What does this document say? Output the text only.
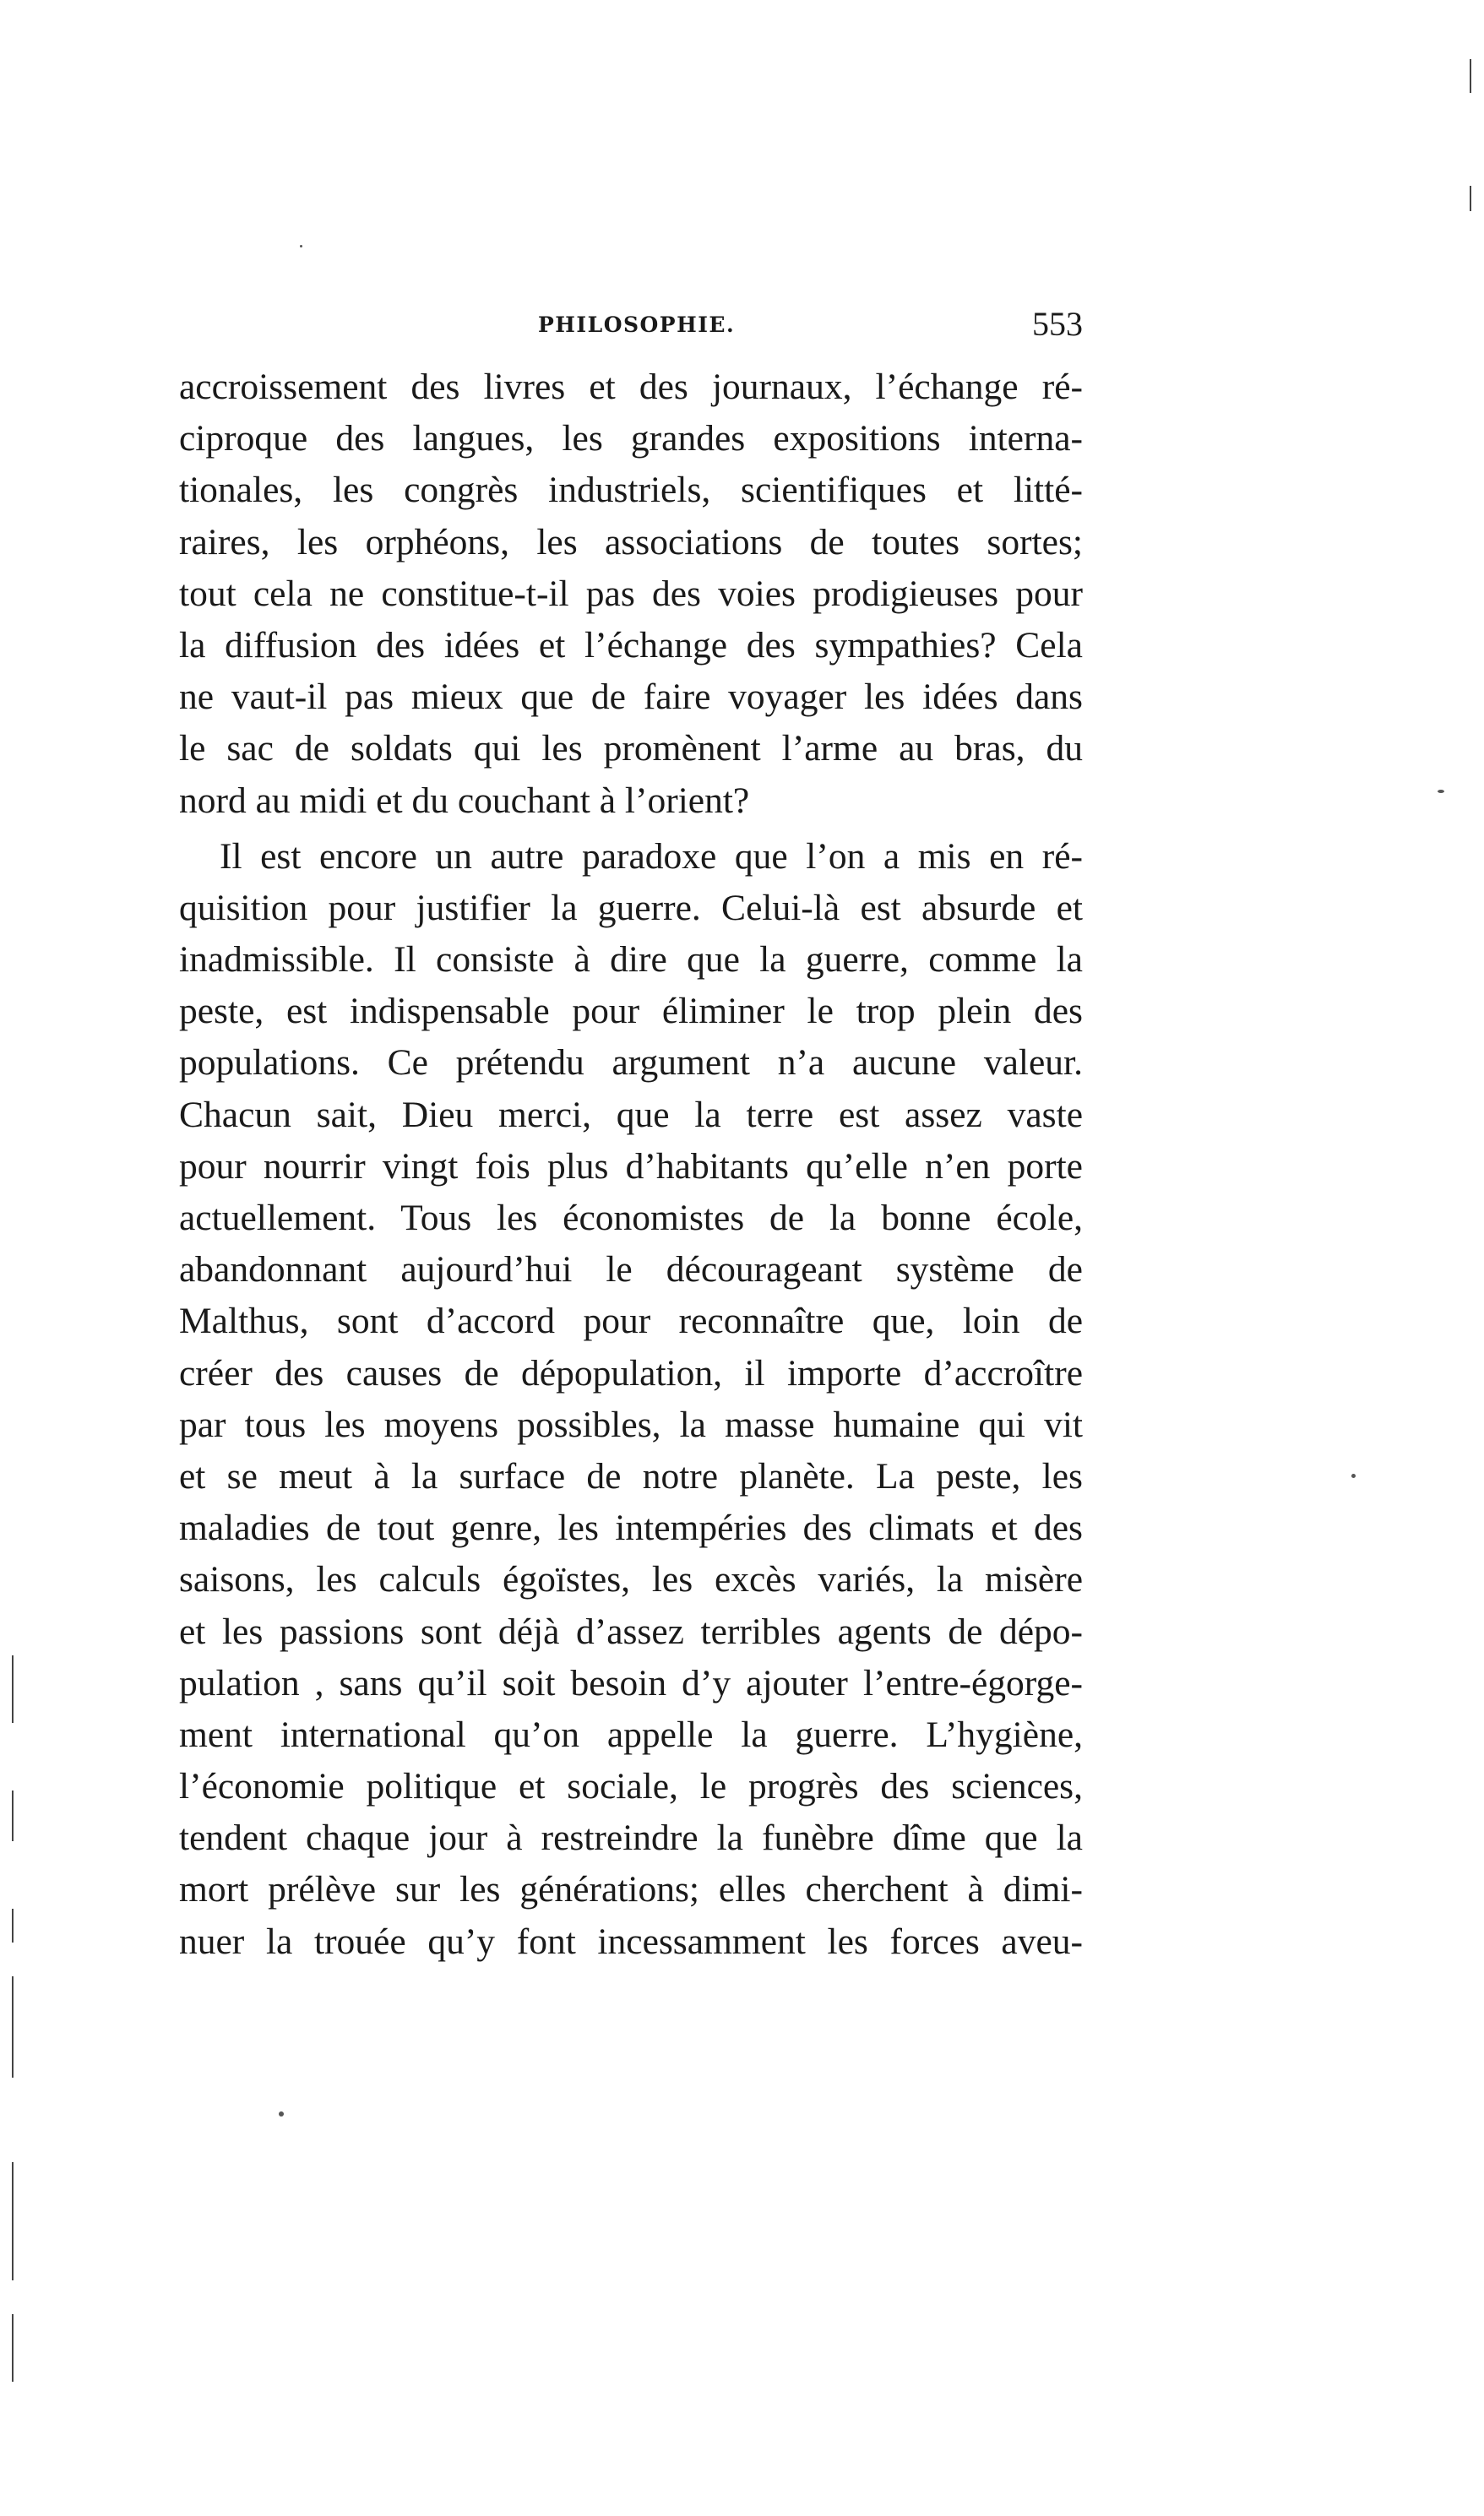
PHILOSOPHIE.	553
accroissement des livres et des journaux, l’échange ré-
ciproque des langues, les grandes expositions interna-
tionales, les congrès industriels, scientifiques et litté-
raires, les orphéons, les associations de toutes sortes;
tout cela ne constitue-t-il pas des voies prodigieuses pour
la diffusion des idées et l’échange des sympathies? Cela
ne vaut-il pas mieux que de faire voyager les idées dans
le sac de soldats qui les promènent l’arme au bras, du
nord au midi et du couchant à l’orient?
Il est encore un autre paradoxe que l’on a mis en ré-
quisition pour justifier la guerre. Celui-là est absurde et
inadmissible. Il consiste à dire que la guerre, comme la
peste, est indispensable pour éliminer le trop plein des
populations. Ce prétendu argument n’a aucune valeur.
Chacun sait, Dieu merci, que la terre est assez vaste
pour nourrir vingt fois plus d’habitants qu’elle n’en porte
actuellement. Tous les économistes de la bonne école,
abandonnant aujourd’hui le décourageant système de
Malthus, sont d’accord pour reconnaître que, loin de
créer des causes de dépopulation, il importe d’accroître
par tous les moyens possibles, la masse humaine qui vit
et se meut à la surface de notre planète. La peste, les
maladies de tout genre, les intempéries des climats et des
saisons, les calculs égoïstes, les excès variés, la misère
et les passions sont déjà d’assez terribles agents de dépo-
pulation , sans qu’il soit besoin d’y ajouter l’entre-égorge-
ment international qu’on appelle la guerre. L’hygiène,
l’économie politique et sociale, le progrès des sciences,
tendent chaque jour à restreindre la funèbre dîme que la
mort prélève sur les générations; elles cherchent à dimi-
nuer la trouée qu’y font incessamment les forces aveu-
